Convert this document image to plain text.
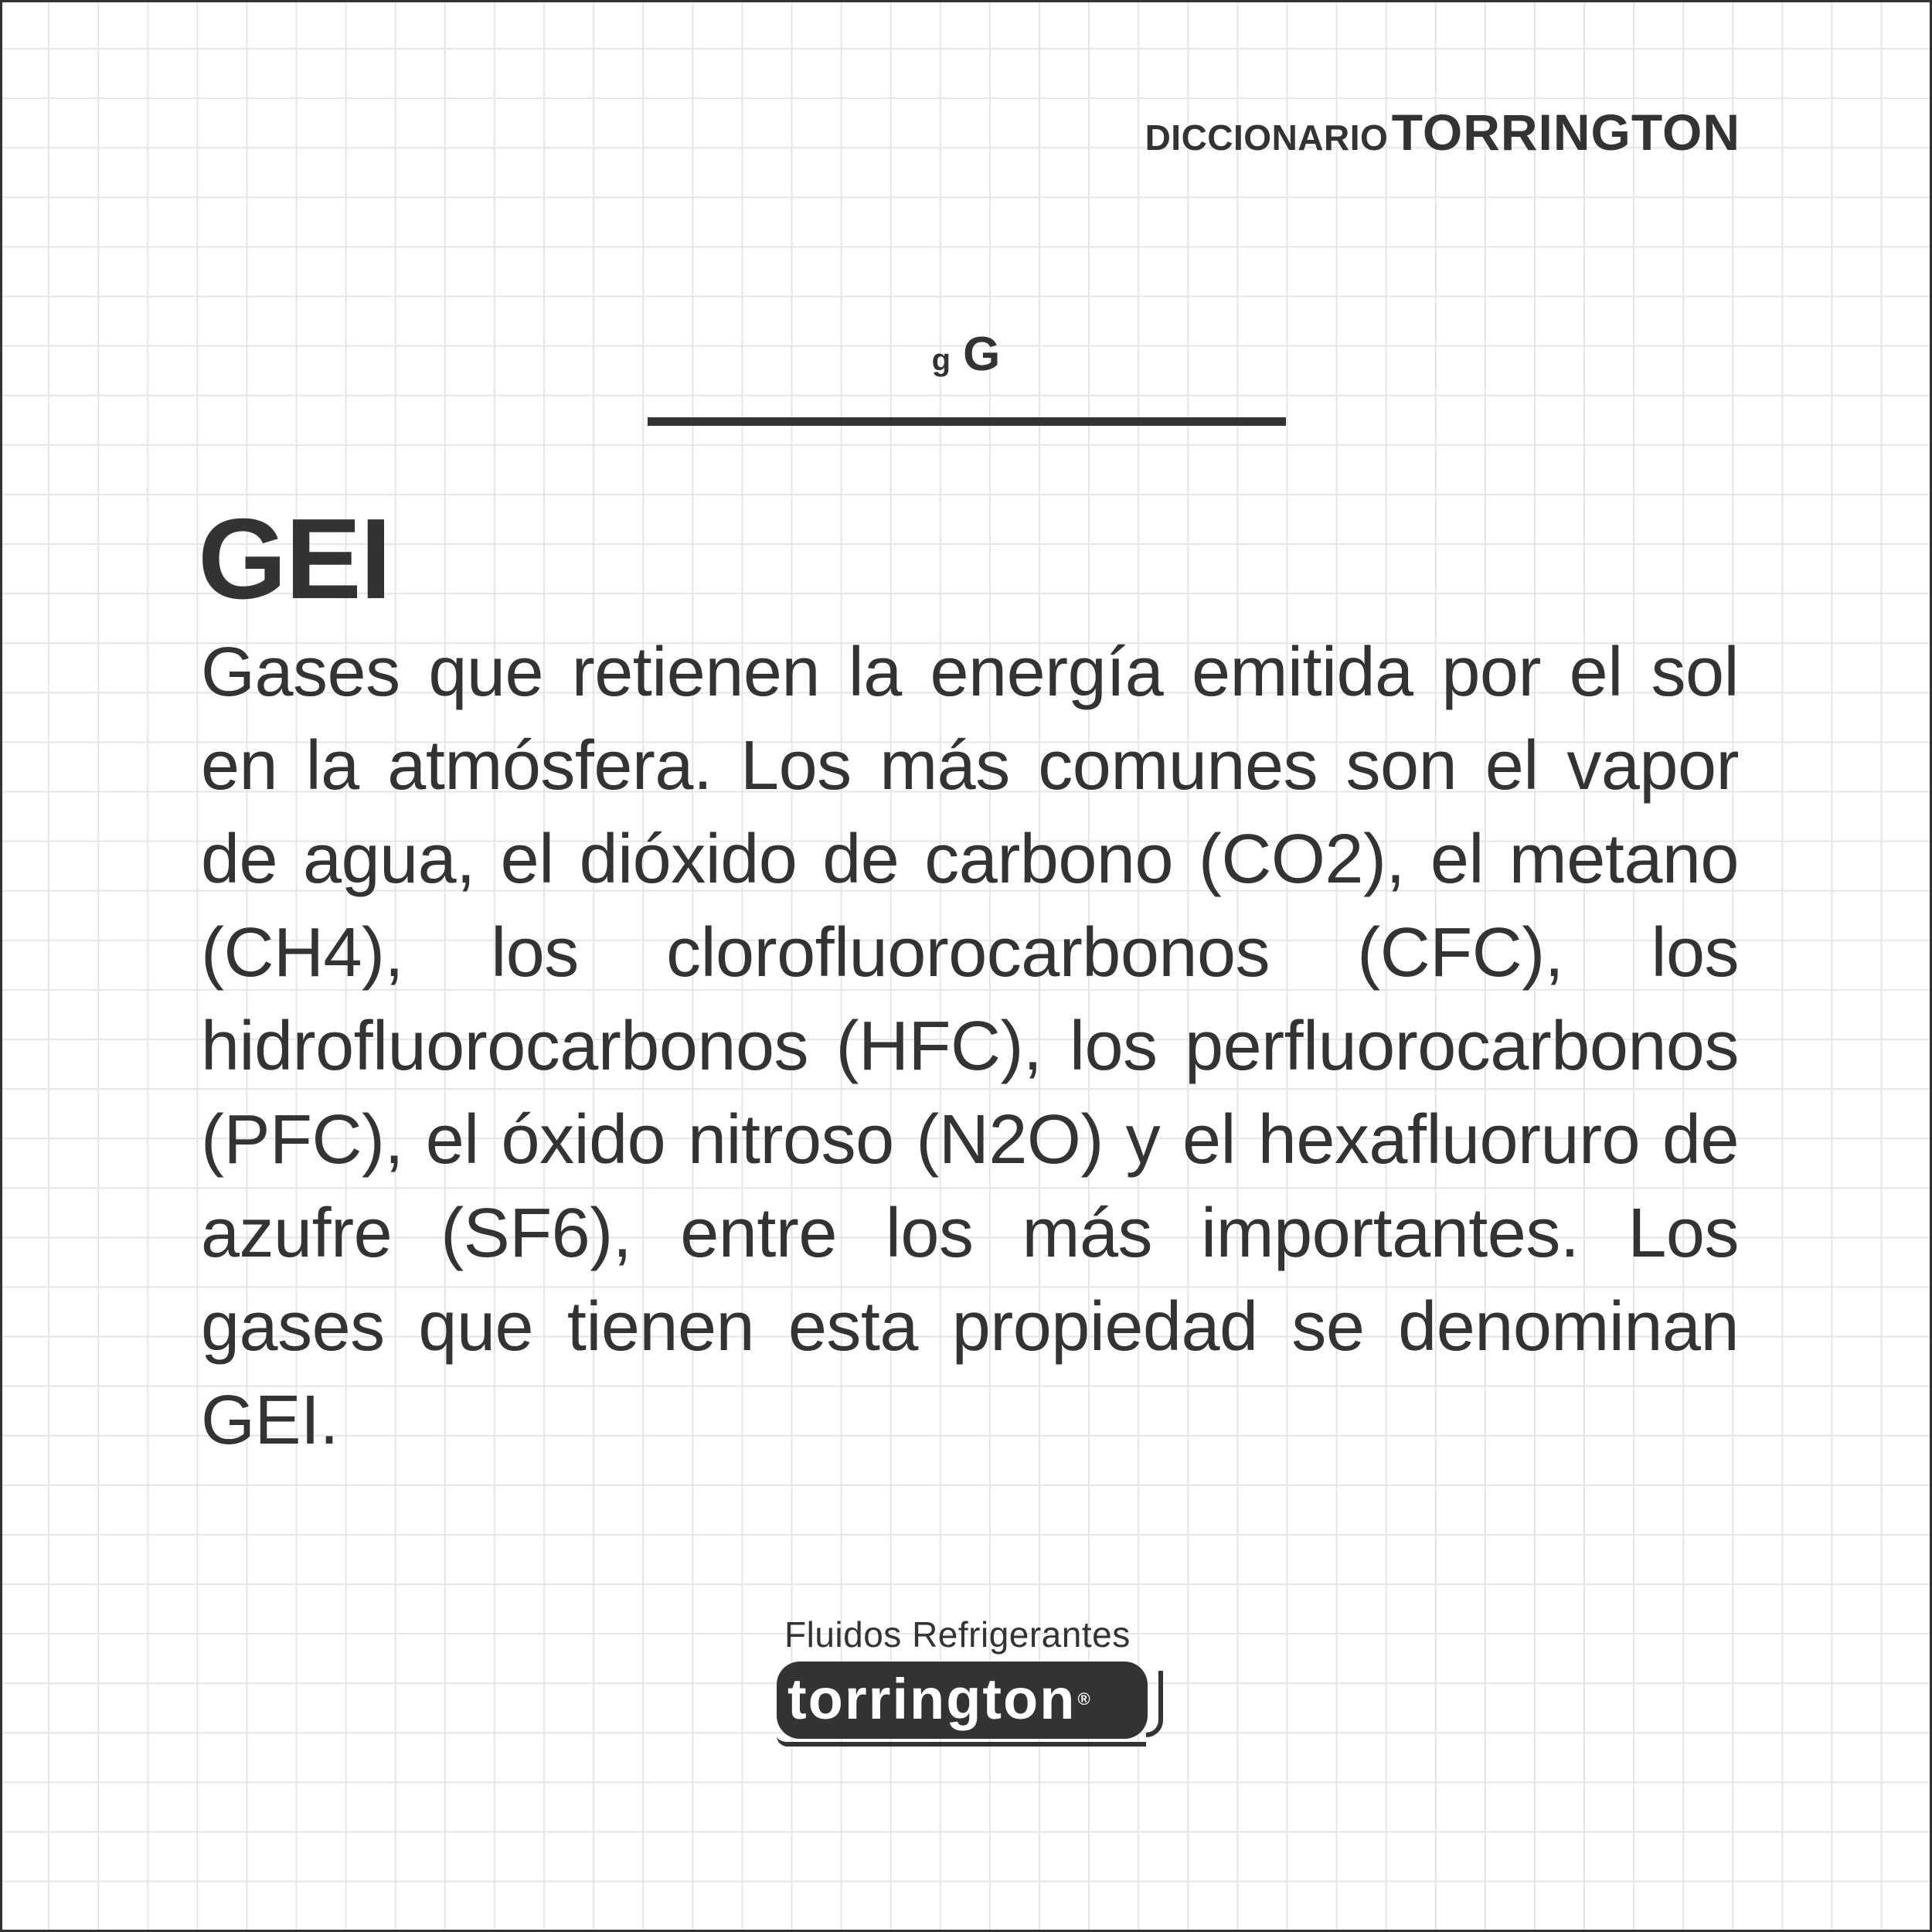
DICCIONARIO TORRINGTON
g G
GEI

Gases que retienen la energía emitida por el sol en la atmósfera. Los más comunes son el vapor de agua, el dióxido de carbono (CO2), el metano (CH4), los clorofluorocarbonos (CFC), los hidrofluorocarbonos (HFC), los perfluorocarbonos (PFC), el óxido nitroso (N2O) y el hexafluoruro de azufre (SF6), entre los más importantes. Los gases que tienen esta propiedad se denominan GEI.

Fluidos Refrigerantes
torrington®
